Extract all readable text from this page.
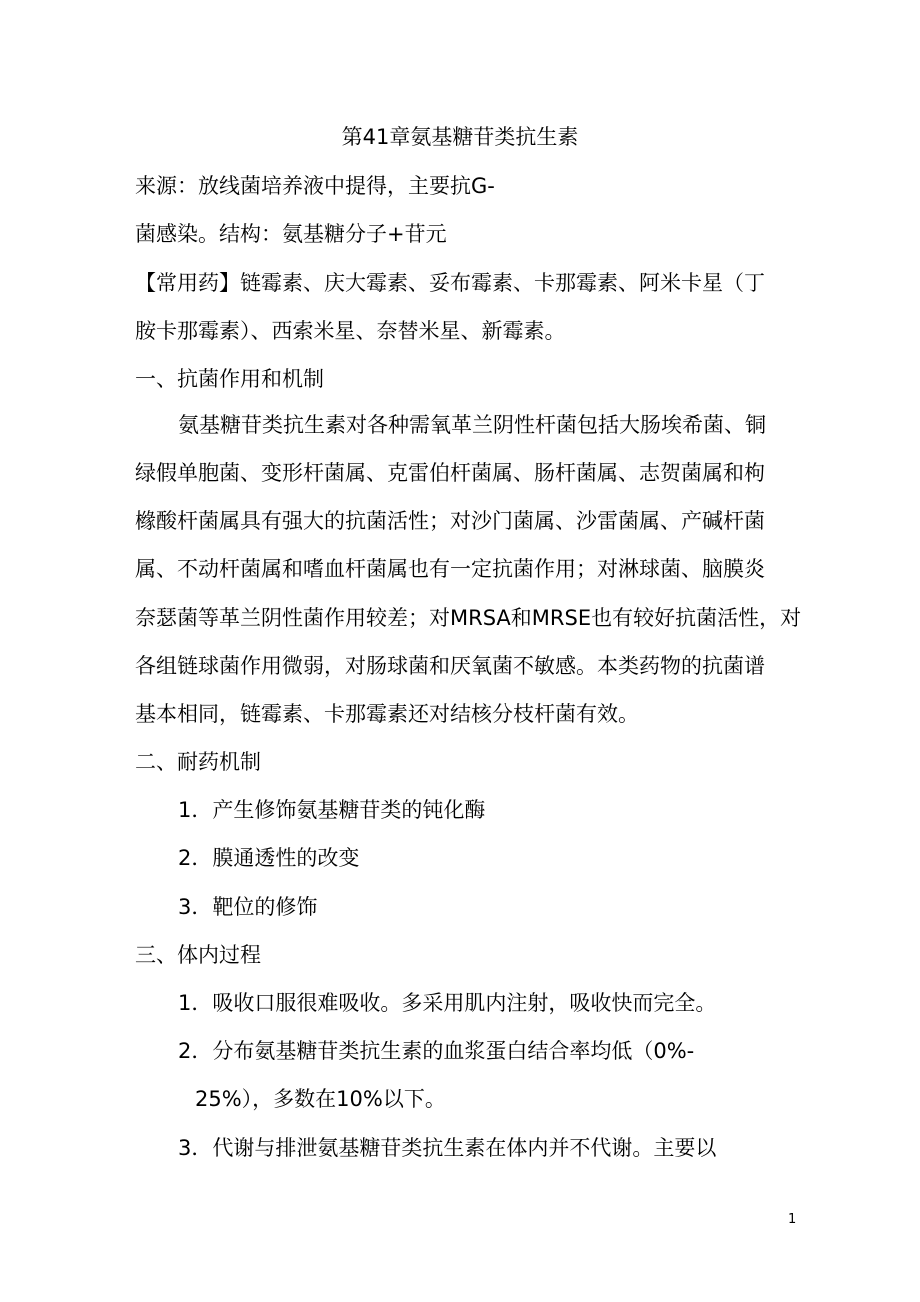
第41章氨基糖苷类抗生素
来源：放线菌培养液中提得，主要抗G-
菌感染。结构：氨基糖分子+苷元
【常用药】链霉素、庆大霉素、妥布霉素、卡那霉素、阿米卡星（丁
胺卡那霉素）、西索米星、奈替米星、新霉素。
一、抗菌作用和机制
氨基糖苷类抗生素对各种需氧革兰阴性杆菌包括大肠埃希菌、铜
绿假单胞菌、变形杆菌属、克雷伯杆菌属、肠杆菌属、志贺菌属和枸
橼酸杆菌属具有强大的抗菌活性；对沙门菌属、沙雷菌属、产碱杆菌
属、不动杆菌属和嗜血杆菌属也有一定抗菌作用；对淋球菌、脑膜炎
奈瑟菌等革兰阴性菌作用较差；对MRSA和MRSE也有较好抗菌活性，对
各组链球菌作用微弱，对肠球菌和厌氧菌不敏感。本类药物的抗菌谱
基本相同，链霉素、卡那霉素还对结核分枝杆菌有效。
二、耐药机制
1．产生修饰氨基糖苷类的钝化酶
2．膜通透性的改变
3．靶位的修饰
三、体内过程
1．吸收口服很难吸收。多采用肌内注射，吸收快而完全。
2．分布氨基糖苷类抗生素的血浆蛋白结合率均低（0%-
25%），多数在10%以下。
3．代谢与排泄氨基糖苷类抗生素在体内并不代谢。主要以
1
